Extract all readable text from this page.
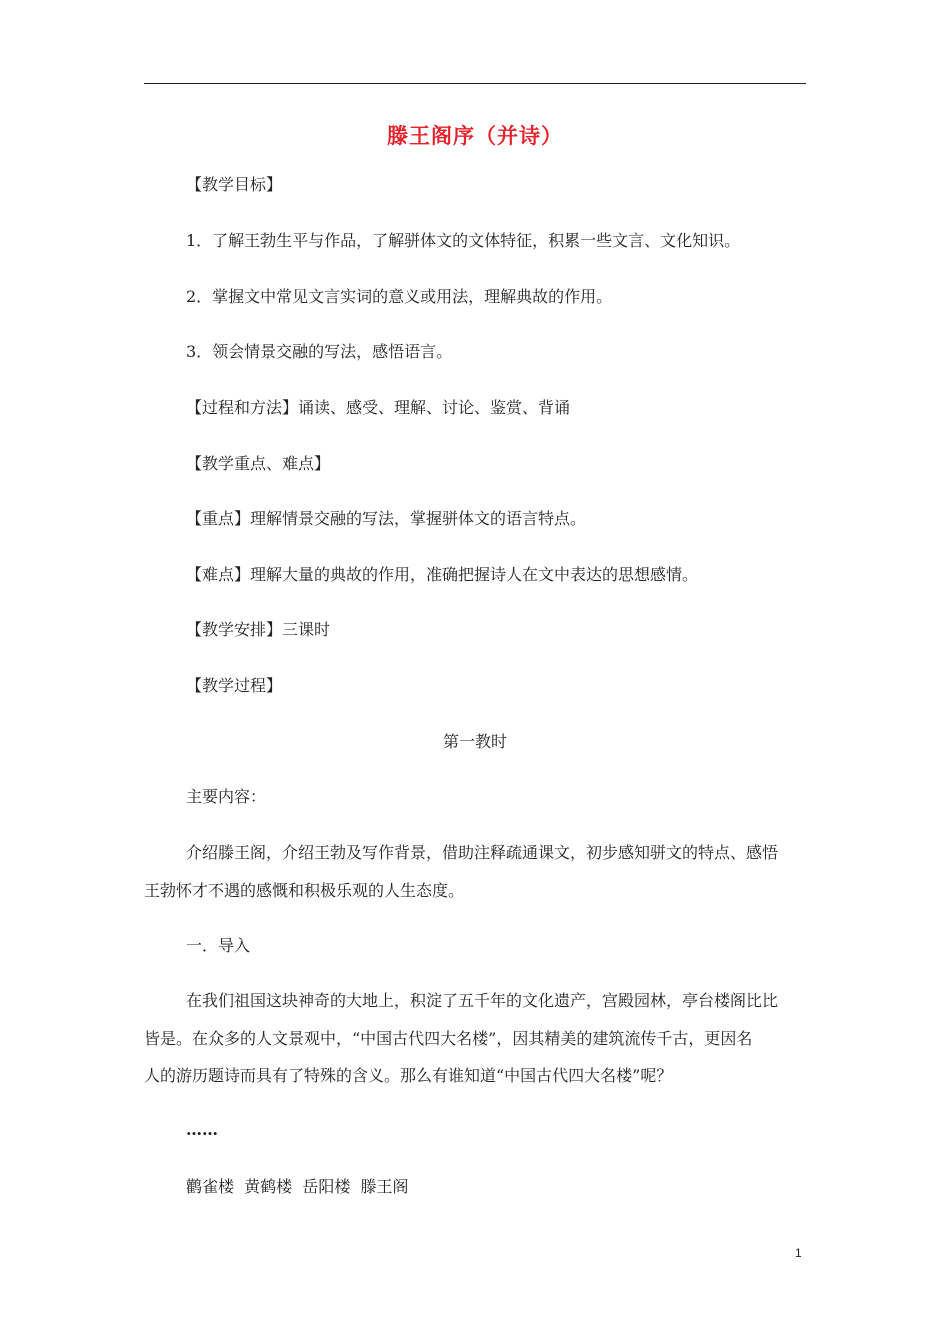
滕王阁序（并诗）
【教学目标】
1．了解王勃生平与作品，了解骈体文的文体特征，积累一些文言、文化知识。
2．掌握文中常见文言实词的意义或用法，理解典故的作用。
3．领会情景交融的写法，感悟语言。
【过程和方法】诵读、感受、理解、讨论、鉴赏、背诵
【教学重点、难点】
【重点】理解情景交融的写法，掌握骈体文的语言特点。
【难点】理解大量的典故的作用，准确把握诗人在文中表达的思想感情。
【教学安排】三课时
【教学过程】
第一教时
主要内容：
介绍滕王阁，介绍王勃及写作背景，借助注释疏通课文，初步感知骈文的特点、感悟
王勃怀才不遇的感慨和积极乐观的人生态度。
一．导入
在我们祖国这块神奇的大地上，积淀了五千年的文化遗产，宫殿园林，亭台楼阁比比
皆是。在众多的人文景观中，“中国古代四大名楼”，因其精美的建筑流传千古，更因名
人的游历题诗而具有了特殊的含义。那么有谁知道“中国古代四大名楼”呢？
……
鹳雀楼  黄鹤楼  岳阳楼  滕王阁
1
